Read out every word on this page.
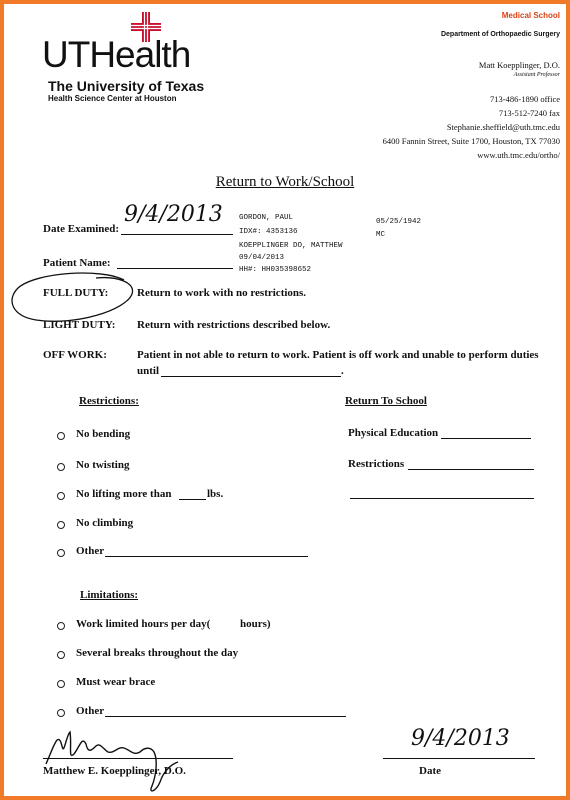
UTHealth
The University of Texas
Health Science Center at Houston
Medical School
Department of Orthopaedic Surgery
Matt Koepplinger, D.O.
Assistant Professor
713-486-1890 office
713-512-7240 fax
Stephanie.sheffield@uth.tmc.edu
6400 Fannin Street, Suite 1700, Houston, TX 77030
www.uth.tmc.edu/ortho/
Return to Work/School
Date Examined:
9/4/2013
Patient Name:
GORDON, PAUL	05/25/1942
IDX#: 4353136	MC
KOEPPLINGER DO, MATTHEW
09/04/2013
HH#: HH035398652
FULL DUTY:	Return to work with no restrictions.
LIGHT DUTY: Return with restrictions described below.
OFF WORK:	Patient in not able to return to work. Patient is off work and unable to perform duties
until	.
Restrictions:
No bending
No twisting
No lifting more than	lbs.
No climbing
Other
Return To School
Physical Education
Restrictions
Limitations:
Work limited hours per day(	hours)
Several breaks throughout the day
Must wear brace
Other
Matthew E. Koepplinger, D.O.
9/4/2013
Date
